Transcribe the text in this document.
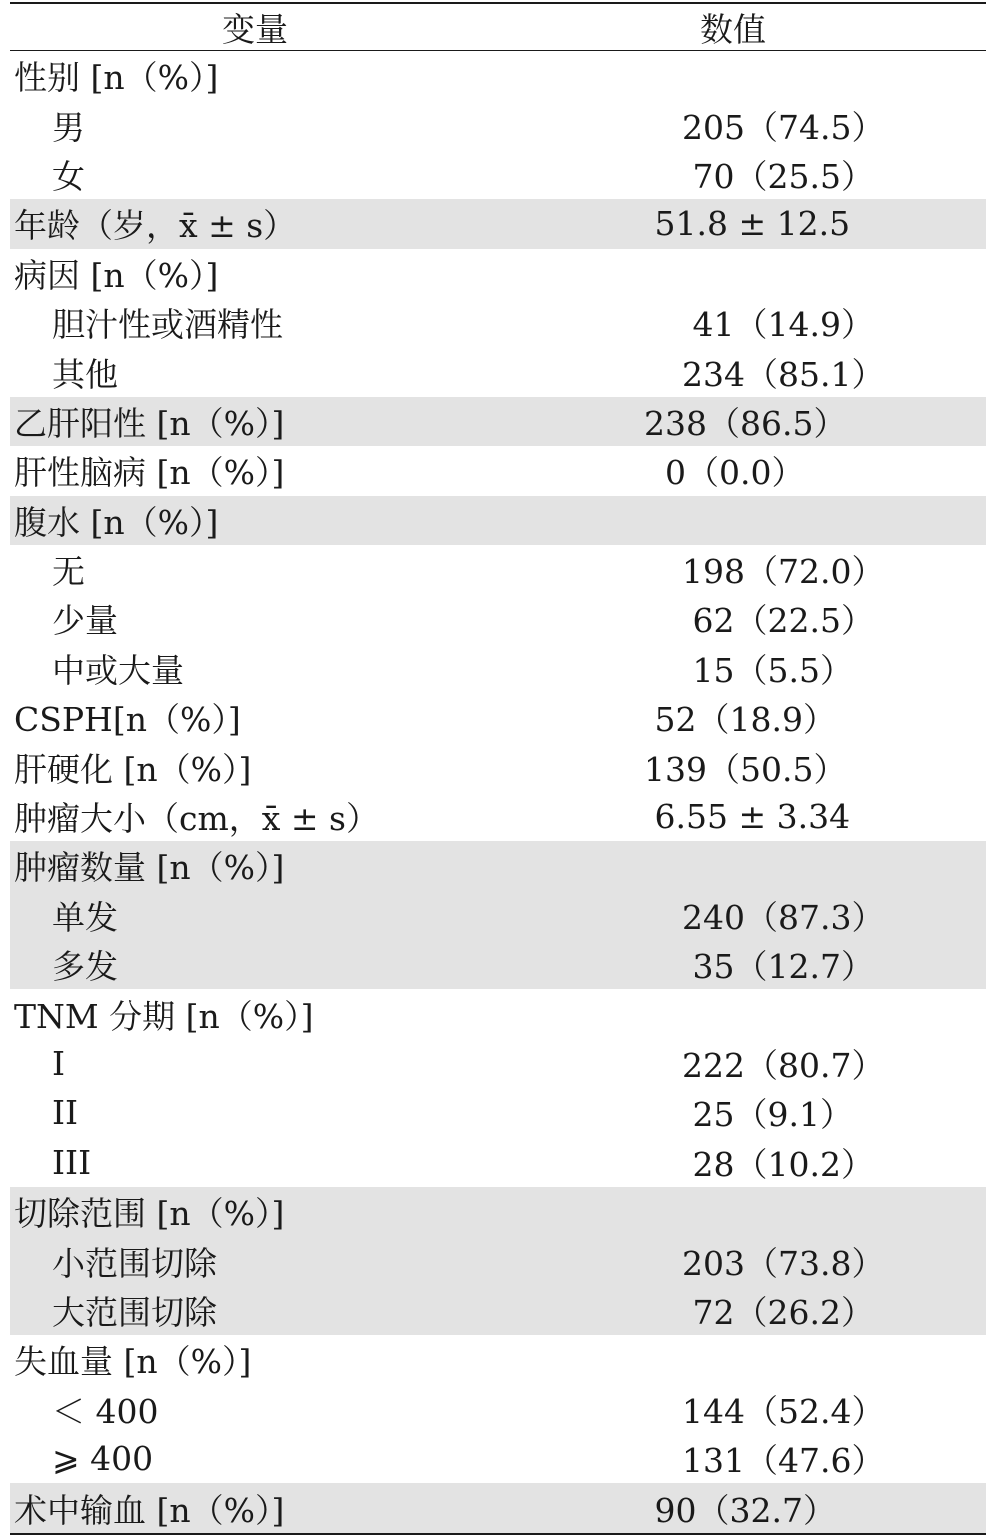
变量	数值
性别 [n（%）]
男	205（74.5）
女	70（25.5）
年龄（岁，x̄ ± s）	51.8 ± 12.5
病因 [n（%）]
胆汁性或酒精性	41（14.9）
其他	234（85.1）
乙肝阳性 [n（%）]	238（86.5）
肝性脑病 [n（%）]	0（0.0）
腹水 [n（%）]
无	198（72.0）
少量	62（22.5）
中或大量	15（5.5）
CSPH[n（%）]	52（18.9）
肝硬化 [n（%）]	139（50.5）
肿瘤大小（cm，x̄ ± s）	6.55 ± 3.34
肿瘤数量 [n（%）]
单发	240（87.3）
多发	35（12.7）
TNM 分期 [n（%）]
I	222（80.7）
II	25（9.1）
III	28（10.2）
切除范围 [n（%）]
小范围切除	203（73.8）
大范围切除	72（26.2）
失血量 [n（%）]
＜ 400	144（52.4）
⩾ 400	131（47.6）
术中输血 [n（%）]	90（32.7）
